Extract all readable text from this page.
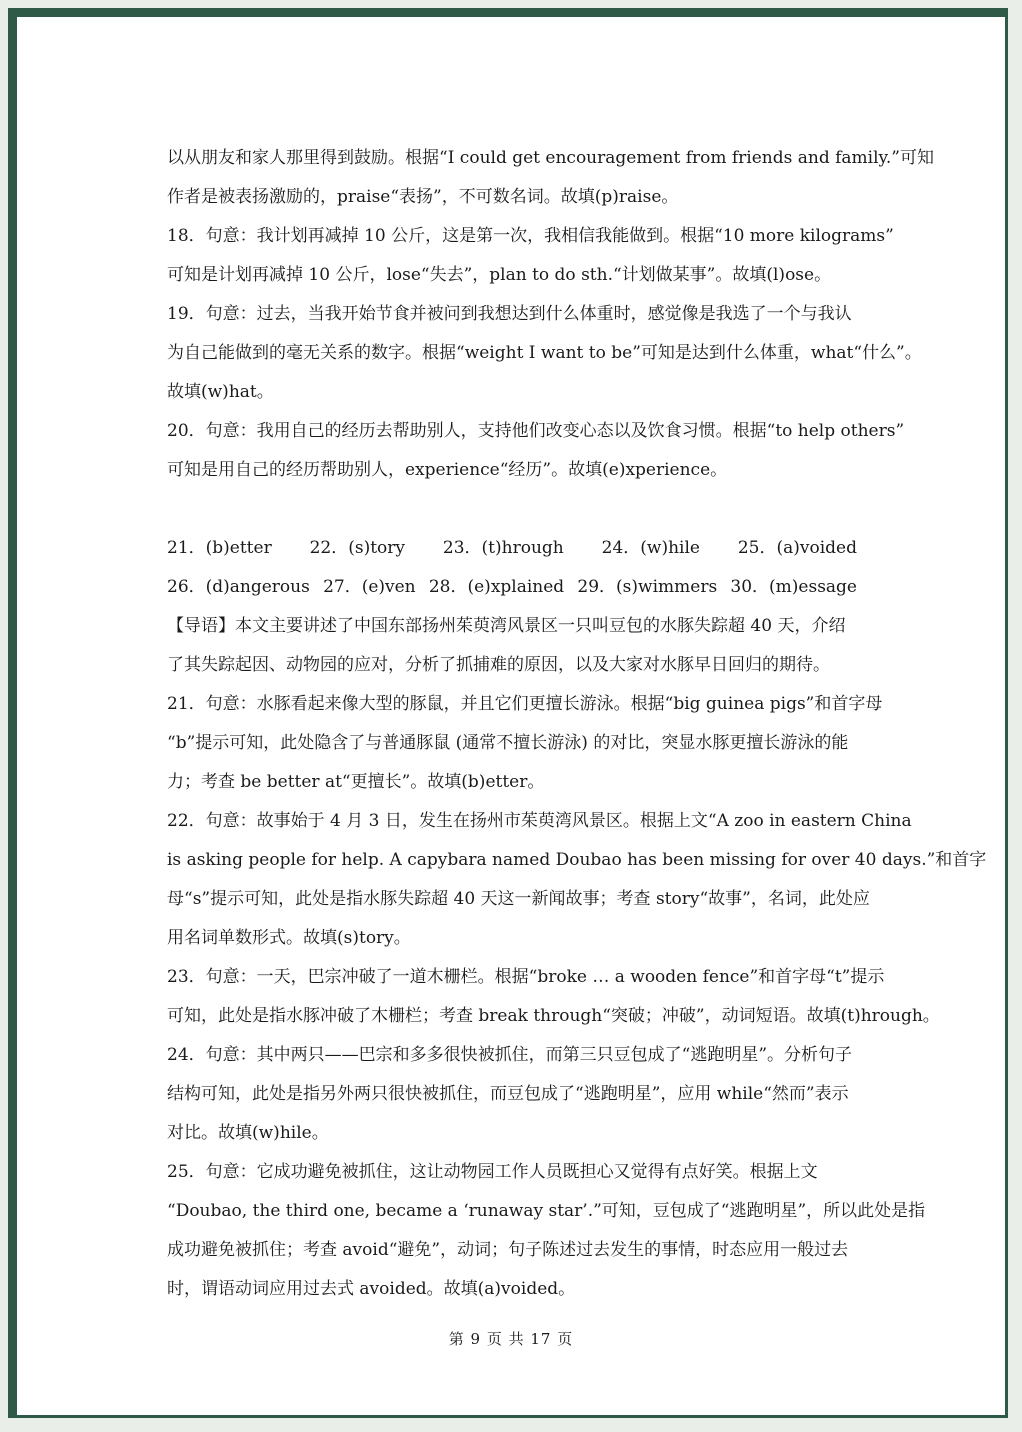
以从朋友和家人那里得到鼓励。根据“I could get encouragement from friends and family.”可知
作者是被表扬激励的，praise“表扬”，不可数名词。故填(p)raise。
18．句意：我计划再减掉 10 公斤，这是第一次，我相信我能做到。根据“10 more kilograms”
可知是计划再减掉 10 公斤，lose“失去”，plan to do sth.“计划做某事”。故填(l)ose。
19．句意：过去，当我开始节食并被问到我想达到什么体重时，感觉像是我选了一个与我认
为自己能做到的毫无关系的数字。根据“weight I want to be”可知是达到什么体重，what“什么”。
故填(w)hat。
20．句意：我用自己的经历去帮助别人，支持他们改变心态以及饮食习惯。根据“to help others”
可知是用自己的经历帮助别人，experience“经历”。故填(e)xperience。
21．(b)etter 22．(s)tory 23．(t)hrough 24．(w)hile 25．(a)voided
26．(d)angerous 27．(e)ven 28．(e)xplained 29．(s)wimmers 30．(m)essage
【导语】本文主要讲述了中国东部扬州茱萸湾风景区一只叫豆包的水豚失踪超 40 天，介绍
了其失踪起因、动物园的应对，分析了抓捕难的原因，以及大家对水豚早日回归的期待。
21．句意：水豚看起来像大型的豚鼠，并且它们更擅长游泳。根据“big guinea pigs”和首字母
“b”提示可知，此处隐含了与普通豚鼠 (通常不擅长游泳) 的对比，突显水豚更擅长游泳的能
力；考查 be better at“更擅长”。故填(b)etter。
22．句意：故事始于 4 月 3 日，发生在扬州市茱萸湾风景区。根据上文“A zoo in eastern China
is asking people for help. A capybara named Doubao has been missing for over 40 days.”和首字
母“s”提示可知，此处是指水豚失踪超 40 天这一新闻故事；考查 story“故事”，名词，此处应
用名词单数形式。故填(s)tory。
23．句意：一天，巴宗冲破了一道木栅栏。根据“broke … a wooden fence”和首字母“t”提示
可知，此处是指水豚冲破了木栅栏；考查 break through“突破；冲破”，动词短语。故填(t)hrough。
24．句意：其中两只——巴宗和多多很快被抓住，而第三只豆包成了“逃跑明星”。分析句子
结构可知，此处是指另外两只很快被抓住，而豆包成了“逃跑明星”，应用 while“然而”表示
对比。故填(w)hile。
25．句意：它成功避免被抓住，这让动物园工作人员既担心又觉得有点好笑。根据上文
“Doubao, the third one, became a ‘runaway star’.”可知，豆包成了“逃跑明星”，所以此处是指
成功避免被抓住；考查 avoid“避免”，动词；句子陈述过去发生的事情，时态应用一般过去
时，谓语动词应用过去式 avoided。故填(a)voided。
第 9 页 共 17 页
